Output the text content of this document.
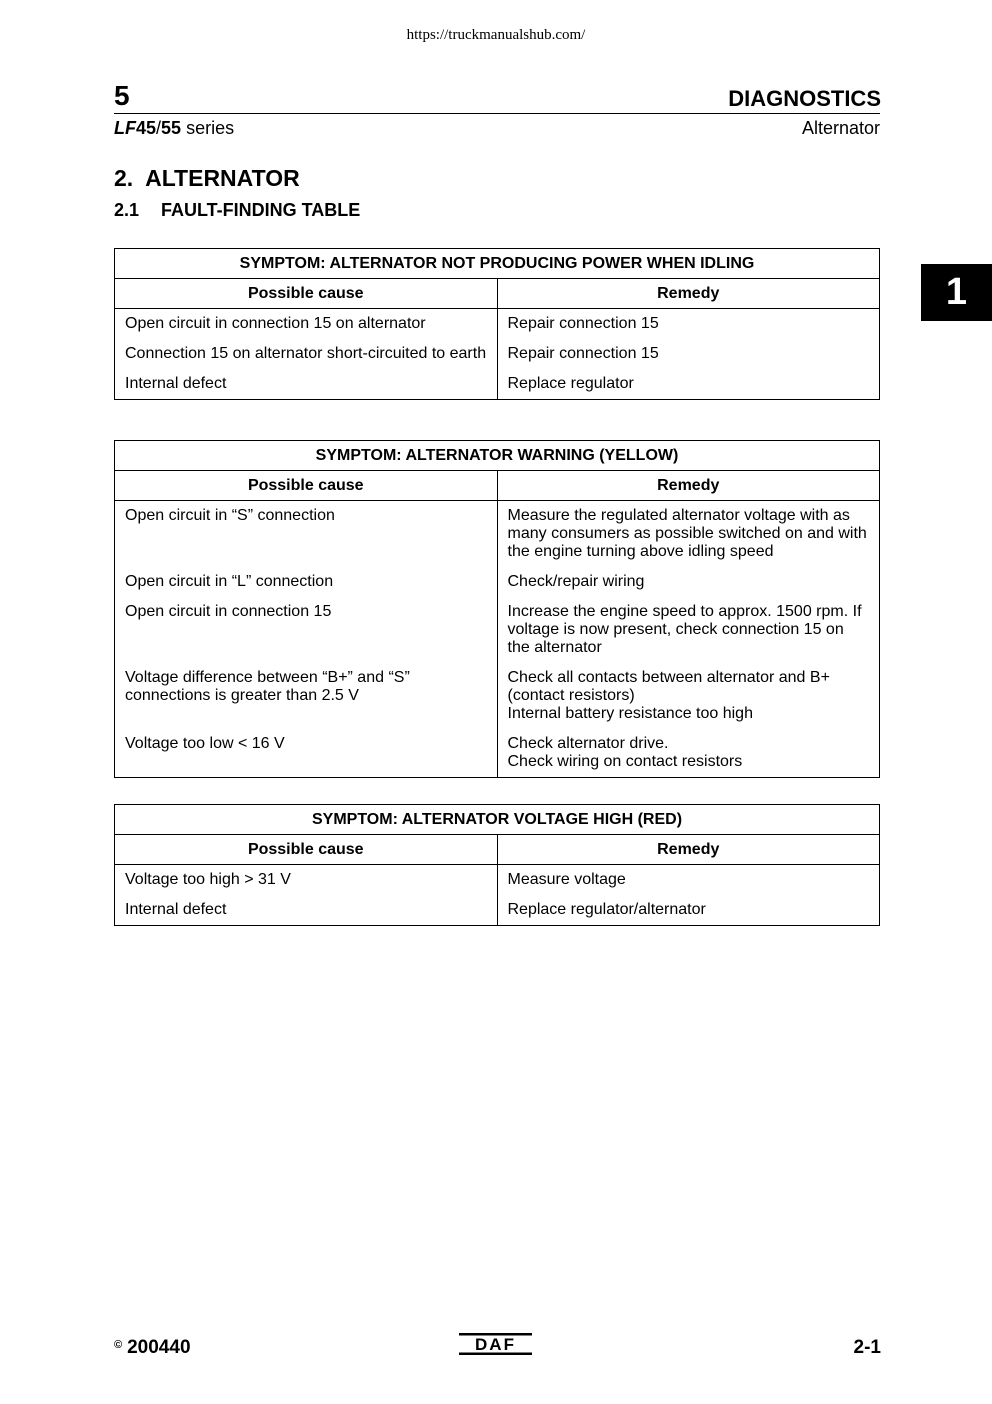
https://truckmanualshub.com/
5	DIAGNOSTICS
LF45/55 series	Alternator
2.  ALTERNATOR
2.1 FAULT-FINDING TABLE
1
SYMPTOM: ALTERNATOR NOT PRODUCING POWER WHEN IDLING	
Possible cause	Remedy
Open circuit in connection 15 on alternator	Repair connection 15
Connection 15 on alternator short-circuited to earth	Repair connection 15
Internal defect	Replace regulator
SYMPTOM: ALTERNATOR WARNING (YELLOW)	
Possible cause	Remedy
Open circuit in “S” connection	Measure the regulated alternator voltage with as many consumers as possible switched on and with the engine turning above idling speed
Open circuit in “L” connection	Check/repair wiring
Open circuit in connection 15	Increase the engine speed to approx. 1500 rpm. If voltage is now present, check connection 15 on the alternator
Voltage difference between “B+” and “S” connections is greater than 2.5 V	Check all contacts between alternator and B+ (contact resistors)
Internal battery resistance too high
Voltage too low < 16 V	Check alternator drive.
Check wiring on contact resistors
SYMPTOM: ALTERNATOR VOLTAGE HIGH (RED)	
Possible cause	Remedy
Voltage too high > 31 V	Measure voltage
Internal defect	Replace regulator/alternator
© 200440	DAF	2-1
